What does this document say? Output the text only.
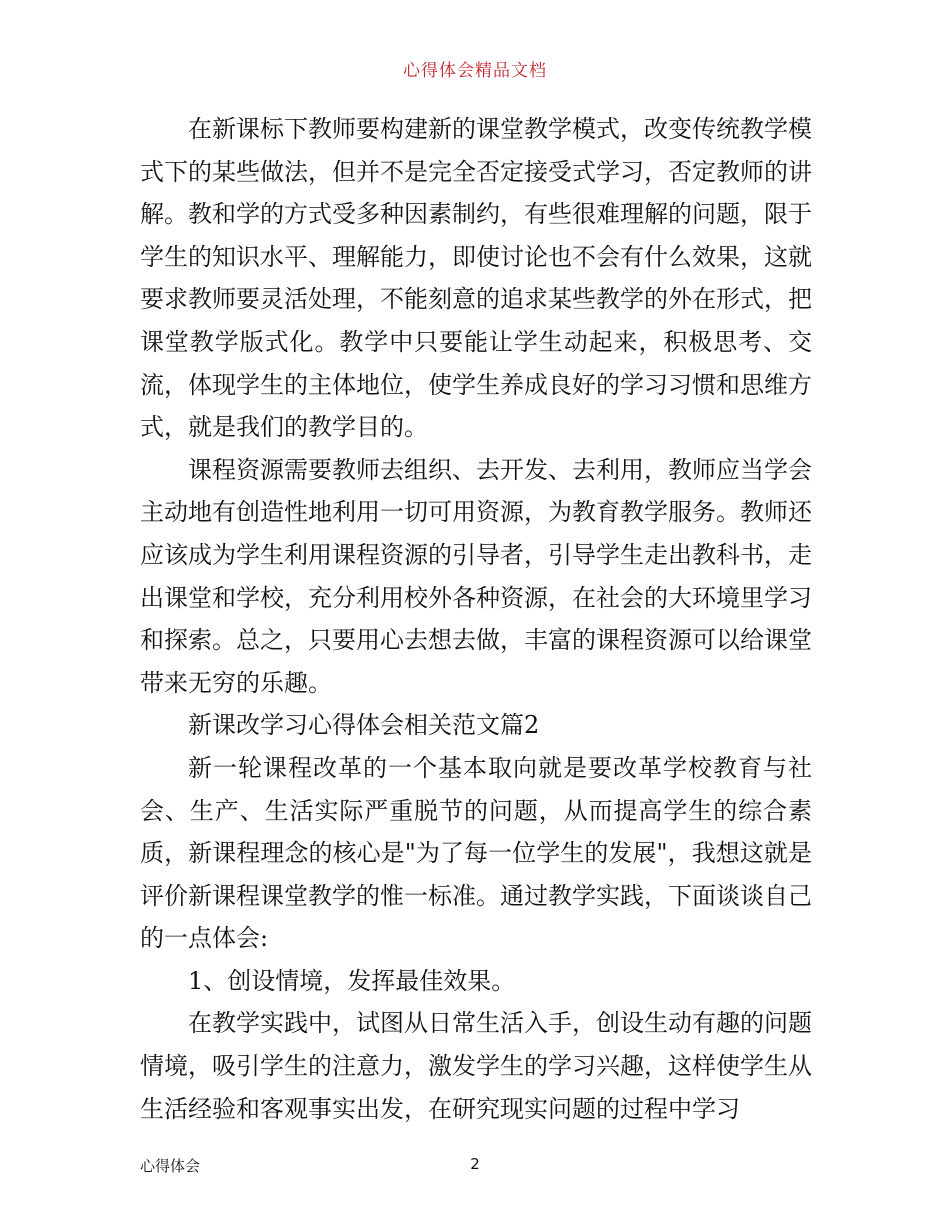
心得体会精品文档

在新课标下教师要构建新的课堂教学模式，改变传统教学模式下的某些做法，但并不是完全否定接受式学习，否定教师的讲解。教和学的方式受多种因素制约，有些很难理解的问题，限于学生的知识水平、理解能力，即使讨论也不会有什么效果，这就要求教师要灵活处理，不能刻意的追求某些教学的外在形式，把课堂教学版式化。教学中只要能让学生动起来，积极思考、交流，体现学生的主体地位，使学生养成良好的学习习惯和思维方式，就是我们的教学目的。

课程资源需要教师去组织、去开发、去利用，教师应当学会主动地有创造性地利用一切可用资源，为教育教学服务。教师还应该成为学生利用课程资源的引导者，引导学生走出教科书，走出课堂和学校，充分利用校外各种资源，在社会的大环境里学习和探索。总之，只要用心去想去做，丰富的课程资源可以给课堂带来无穷的乐趣。

新课改学习心得体会相关范文篇2

新一轮课程改革的一个基本取向就是要改革学校教育与社会、生产、生活实际严重脱节的问题，从而提高学生的综合素质，新课程理念的核心是"为了每一位学生的发展"，我想这就是评价新课程课堂教学的惟一标准。通过教学实践，下面谈谈自己的一点体会:

1、创设情境，发挥最佳效果。

在教学实践中，试图从日常生活入手，创设生动有趣的问题情境，吸引学生的注意力，激发学生的学习兴趣，这样使学生从生活经验和客观事实出发，在研究现实问题的过程中学习

心得体会	2
